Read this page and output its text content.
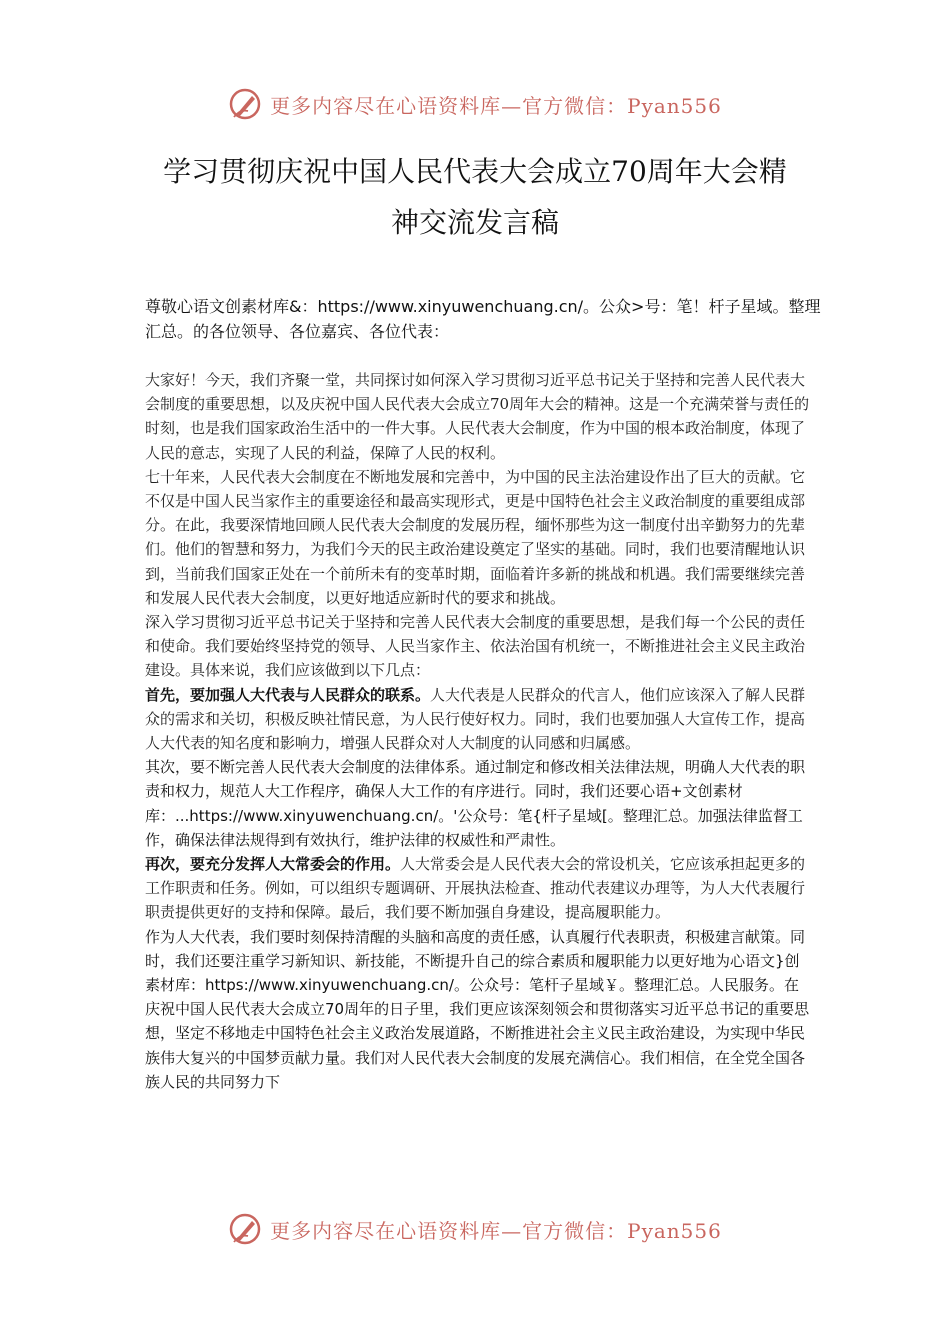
更多内容尽在心语资料库—官方微信：Pyan556
学习贯彻庆祝中国人民代表大会成立70周年大会精
神交流发言稿
尊敬心语文创素材库&：https://www.xinyuwenchuang.cn/。公众>号：笔！杆子星域。整理汇总。的各位领导、各位嘉宾、各位代表：

大家好！今天，我们齐聚一堂，共同探讨如何深入学习贯彻习近平总书记关于坚持和完善人民代表大会制度的重要思想，以及庆祝中国人民代表大会成立70周年大会的精神。这是一个充满荣誉与责任的时刻，也是我们国家政治生活中的一件大事。人民代表大会制度，作为中国的根本政治制度，体现了人民的意志，实现了人民的利益，保障了人民的权利。

七十年来，人民代表大会制度在不断地发展和完善中，为中国的民主法治建设作出了巨大的贡献。它不仅是中国人民当家作主的重要途径和最高实现形式，更是中国特色社会主义政治制度的重要组成部分。在此，我要深情地回顾人民代表大会制度的发展历程，缅怀那些为这一制度付出辛勤努力的先辈们。他们的智慧和努力，为我们今天的民主政治建设奠定了坚实的基础。同时，我们也要清醒地认识到，当前我们国家正处在一个前所未有的变革时期，面临着许多新的挑战和机遇。我们需要继续完善和发展人民代表大会制度，以更好地适应新时代的要求和挑战。

深入学习贯彻习近平总书记关于坚持和完善人民代表大会制度的重要思想，是我们每一个公民的责任和使命。我们要始终坚持党的领导、人民当家作主、依法治国有机统一，不断推进社会主义民主政治建设。具体来说，我们应该做到以下几点：

首先，要加强人大代表与人民群众的联系。人大代表是人民群众的代言人，他们应该深入了解人民群众的需求和关切，积极反映社情民意，为人民行使好权力。同时，我们也要加强人大宣传工作，提高人大代表的知名度和影响力，增强人民群众对人大制度的认同感和归属感。

其次，要不断完善人民代表大会制度的法律体系。通过制定和修改相关法律法规，明确人大代表的职责和权力，规范人大工作程序，确保人大工作的有序进行。同时，我们还要心语+文创素材库：...https://www.xinyuwenchuang.cn/。'公众号：笔{杆子星域[。整理汇总。加强法律监督工作，确保法律法规得到有效执行，维护法律的权威性和严肃性。

再次，要充分发挥人大常委会的作用。人大常委会是人民代表大会的常设机关，它应该承担起更多的工作职责和任务。例如，可以组织专题调研、开展执法检查、推动代表建议办理等，为人大代表履行职责提供更好的支持和保障。最后，我们要不断加强自身建设，提高履职能力。

作为人大代表，我们要时刻保持清醒的头脑和高度的责任感，认真履行代表职责，积极建言献策。同时，我们还要注重学习新知识、新技能，不断提升自己的综合素质和履职能力以更好地为心语文}创素材库：https://www.xinyuwenchuang.cn/。公众号：笔杆子星域￥。整理汇总。人民服务。在庆祝中国人民代表大会成立70周年的日子里，我们更应该深刻领会和贯彻落实习近平总书记的重要思想，坚定不移地走中国特色社会主义政治发展道路，不断推进社会主义民主政治建设，为实现中华民族伟大复兴的中国梦贡献力量。我们对人民代表大会制度的发展充满信心。我们相信，在全党全国各族人民的共同努力下

更多内容尽在心语资料库—官方微信：Pyan556
